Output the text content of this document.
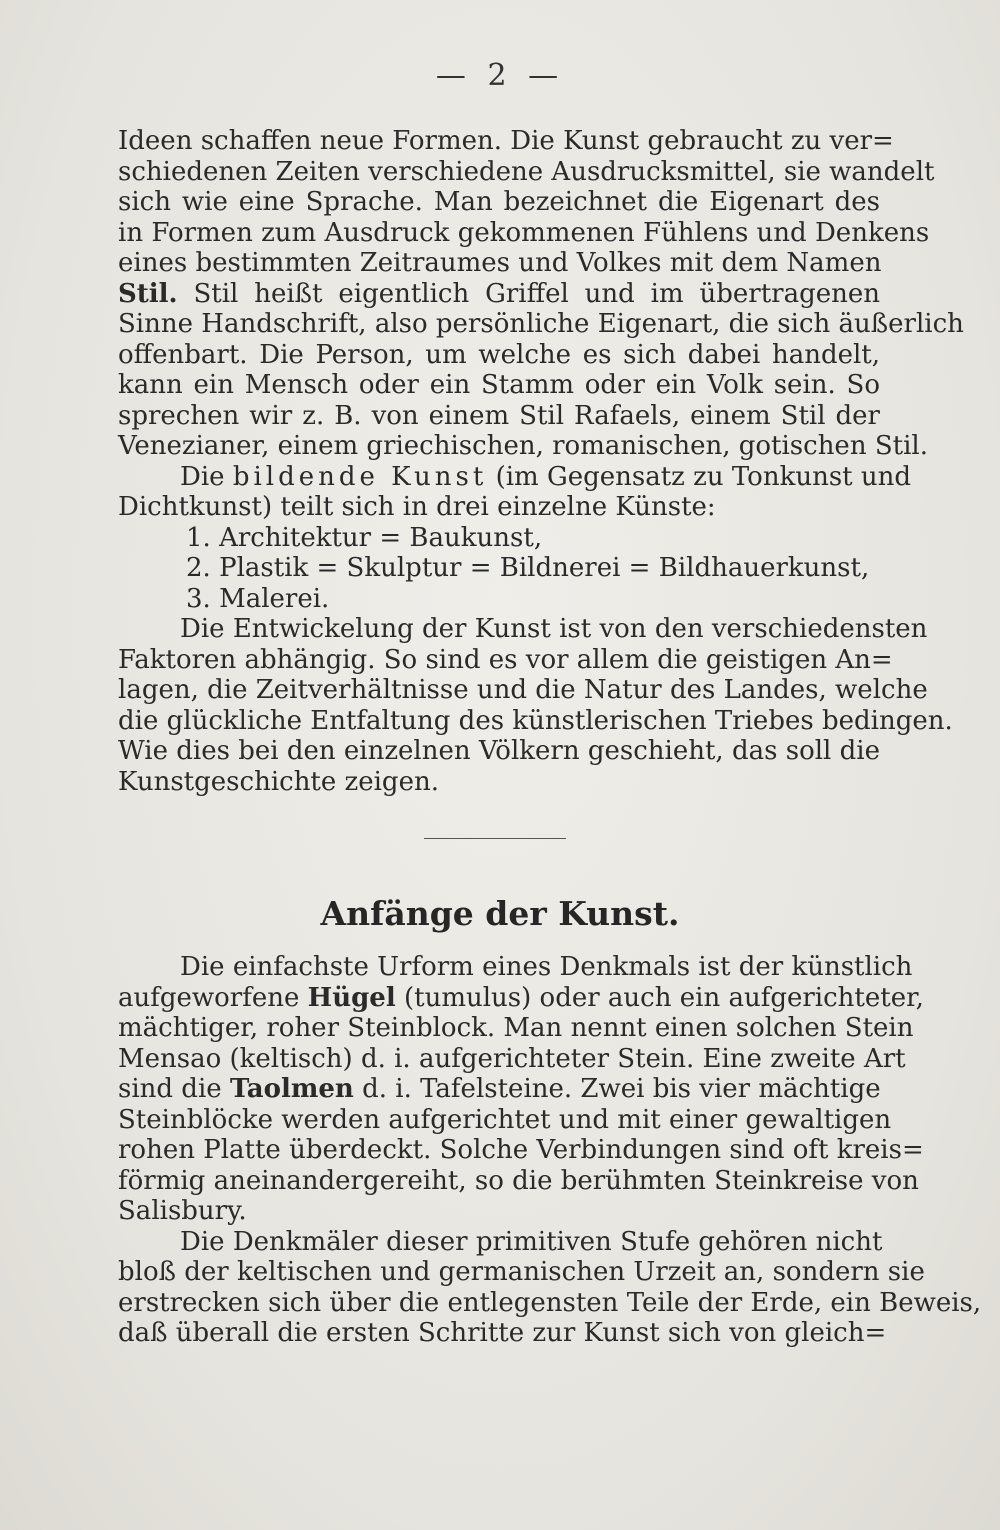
— 2 —
Ideen schaffen neue Formen. Die Kunst gebraucht zu ver=
schiedenen Zeiten verschiedene Ausdrucksmittel, sie wandelt
sich wie eine Sprache. Man bezeichnet die Eigenart des
in Formen zum Ausdruck gekommenen Fühlens und Denkens
eines bestimmten Zeitraumes und Volkes mit dem Namen
Stil. Stil heißt eigentlich Griffel und im übertragenen
Sinne Handschrift, also persönliche Eigenart, die sich äußerlich
offenbart. Die Person, um welche es sich dabei handelt,
kann ein Mensch oder ein Stamm oder ein Volk sein. So
sprechen wir z. B. von einem Stil Rafaels, einem Stil der
Venezianer, einem griechischen, romanischen, gotischen Stil.
Die bildende Kunst (im Gegensatz zu Tonkunst und
Dichtkunst) teilt sich in drei einzelne Künste:
1. Architektur = Baukunst,
2. Plastik = Skulptur = Bildnerei = Bildhauerkunst,
3. Malerei.
Die Entwickelung der Kunst ist von den verschiedensten
Faktoren abhängig. So sind es vor allem die geistigen An=
lagen, die Zeitverhältnisse und die Natur des Landes, welche
die glückliche Entfaltung des künstlerischen Triebes bedingen.
Wie dies bei den einzelnen Völkern geschieht, das soll die
Kunstgeschichte zeigen.
Anfänge der Kunst.
Die einfachste Urform eines Denkmals ist der künstlich
aufgeworfene Hügel (tumulus) oder auch ein aufgerichteter,
mächtiger, roher Steinblock. Man nennt einen solchen Stein
Mensao (keltisch) d. i. aufgerichteter Stein. Eine zweite Art
sind die Taolmen d. i. Tafelsteine. Zwei bis vier mächtige
Steinblöcke werden aufgerichtet und mit einer gewaltigen
rohen Platte überdeckt. Solche Verbindungen sind oft kreis=
förmig aneinandergereiht, so die berühmten Steinkreise von
Salisbury.
Die Denkmäler dieser primitiven Stufe gehören nicht
bloß der keltischen und germanischen Urzeit an, sondern sie
erstrecken sich über die entlegensten Teile der Erde, ein Beweis,
daß überall die ersten Schritte zur Kunst sich von gleich=
